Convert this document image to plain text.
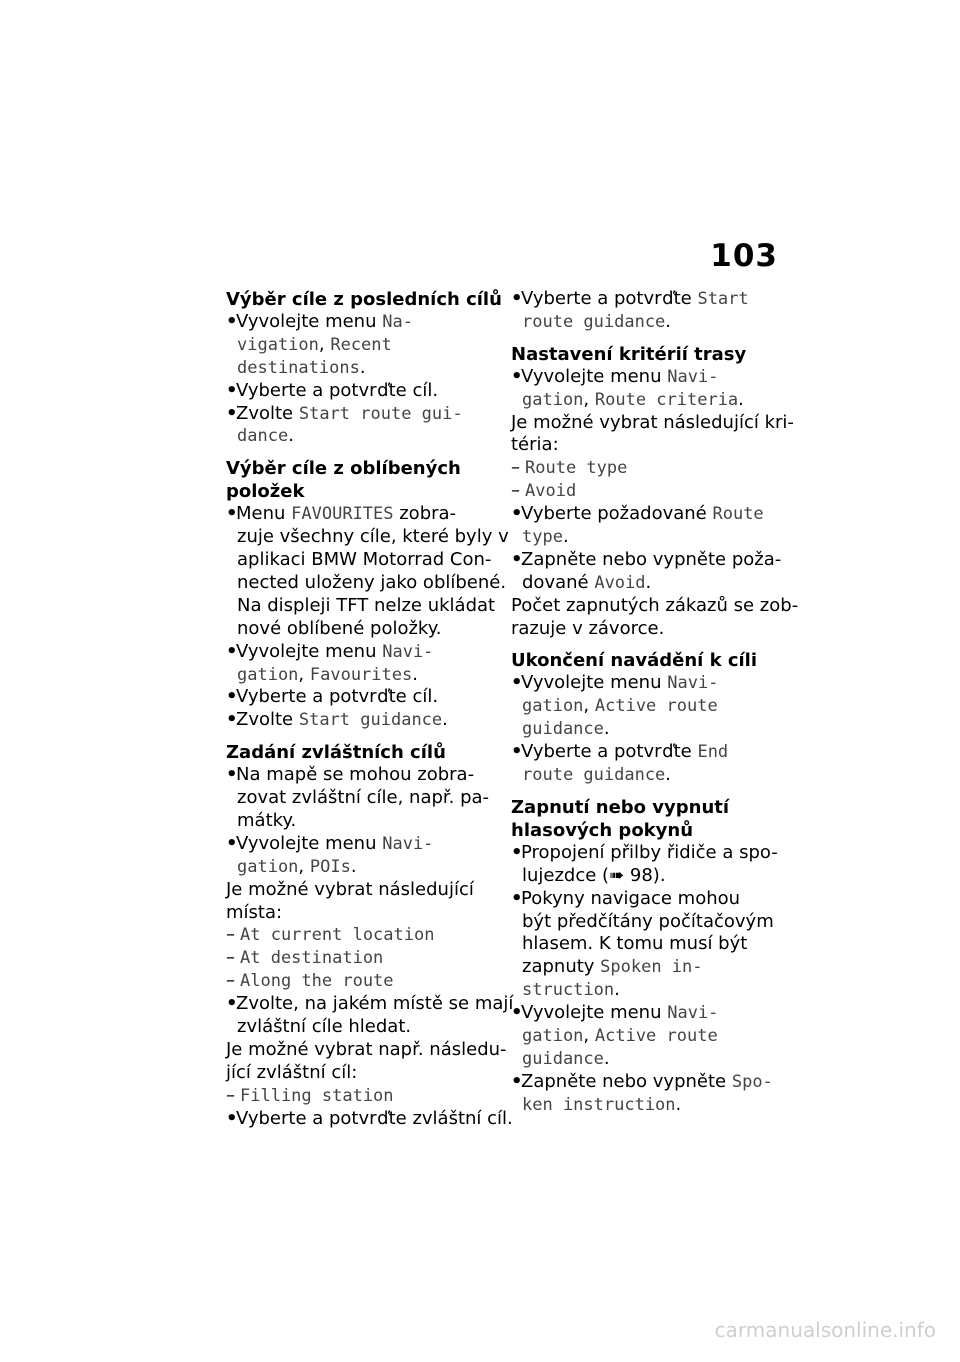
103
Výběr cíle z posledních cílů
• Vyvolejte menu Na-
vigation, Recent
destinations.
• Vyberte a potvrďte cíl.
• Zvolte Start route gui-
dance.
Výběr cíle z oblíbených
položek
• Menu FAVOURITES zobra-
zuje všechny cíle, které byly v
aplikaci BMW Motorrad Con-
nected uloženy jako oblíbené.
Na displeji TFT nelze ukládat
nové oblíbené položky.
• Vyvolejte menu Navi-
gation, Favourites.
• Vyberte a potvrďte cíl.
• Zvolte Start guidance.
Zadání zvláštních cílů
• Na mapě se mohou zobra-
zovat zvláštní cíle, např. pa-
mátky.
• Vyvolejte menu Navi-
gation, POIs.
Je možné vybrat následující
místa:
– At current location
– At destination
– Along the route
• Zvolte, na jakém místě se mají
zvláštní cíle hledat.
Je možné vybrat např. následu-
jící zvláštní cíl:
– Filling station
• Vyberte a potvrďte zvláštní cíl.
• Vyberte a potvrďte Start
route guidance.
Nastavení kritérií trasy
• Vyvolejte menu Navi-
gation, Route criteria.
Je možné vybrat následující kri-
téria:
– Route type
– Avoid
• Vyberte požadované Route
type.
• Zapněte nebo vypněte poža-
dované Avoid.
Počet zapnutých zákazů se zob-
razuje v závorce.
Ukončení navádění k cíli
• Vyvolejte menu Navi-
gation, Active route
guidance.
• Vyberte a potvrďte End
route guidance.
Zapnutí nebo vypnutí
hlasových pokynů
• Propojení přilby řidiče a spo-
lujezdce (➠ 98).
• Pokyny navigace mohou
být předčítány počítačovým
hlasem. K tomu musí být
zapnuty Spoken in-
struction.
• Vyvolejte menu Navi-
gation, Active route
guidance.
• Zapněte nebo vypněte Spo-
ken instruction.
carmanualsonline.info
